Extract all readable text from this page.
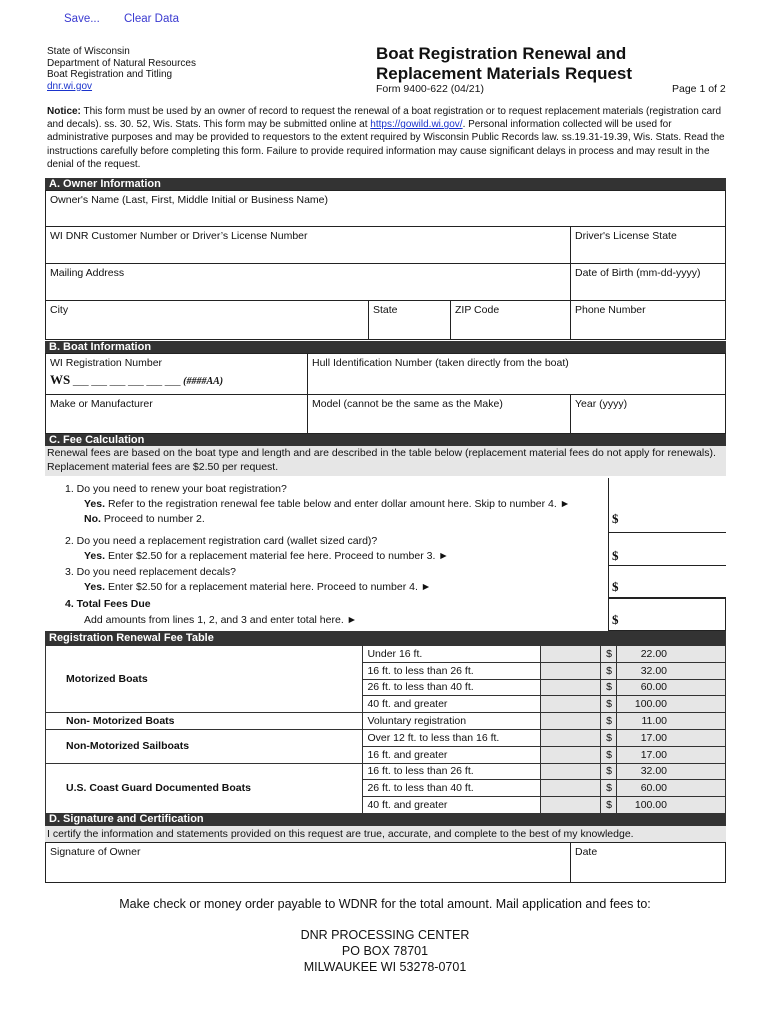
Save... Clear Data
State of Wisconsin
Department of Natural Resources
Boat Registration and Titling
dnr.wi.gov
Boat Registration Renewal and Replacement Materials Request
Form 9400-622 (04/21)	Page 1 of 2
Notice: This form must be used by an owner of record to request the renewal of a boat registration or to request replacement materials (registration card and decals). ss. 30. 52, Wis. Stats. This form may be submitted online at https://gowild.wi.gov/. Personal information collected will be used for administrative purposes and may be provided to requestors to the extent required by Wisconsin Public Records law. ss.19.31-19.39, Wis. Stats. Read the instructions carefully before completing this form. Failure to provide required information may cause significant delays in process and may result in the denial of the request.
A. Owner Information
Owner's Name (Last, First, Middle Initial or Business Name)
WI DNR Customer Number or Driver’s License Number	Driver's License State
Mailing Address	Date of Birth (mm-dd-yyyy)
City	State	ZIP Code	Phone Number
B. Boat Information
WI Registration Number
WS ___ ___ ___ ___ ___ ___ (####AA)
Hull Identification Number (taken directly from the boat)
Make or Manufacturer	Model (cannot be the same as the Make)	Year (yyyy)
C. Fee Calculation
Renewal fees are based on the boat type and length and are described in the table below (replacement material fees do not apply for renewals). Replacement material fees are $2.50 per request.
1. Do you need to renew your boat registration?
Yes. Refer to the registration renewal fee table below and enter dollar amount here. Skip to number 4. ►
No. Proceed to number 2.	$
2. Do you need a replacement registration card (wallet sized card)?
Yes. Enter $2.50 for a replacement material fee here. Proceed to number 3. ►	$
3. Do you need replacement decals?
Yes. Enter $2.50 for a replacement material here. Proceed to number 4. ►	$
4. Total Fees Due
Add amounts from lines 1, 2, and 3 and enter total here. ►	$
Registration Renewal Fee Table
Motorized Boats	Under 16 ft.		$	22.00
	16 ft. to less than 26 ft.		$	32.00
	26 ft. to less than 40 ft.		$	60.00
	40 ft. and greater		$	100.00
Non- Motorized Boats	Voluntary registration		$	11.00
Non-Motorized Sailboats	Over 12 ft. to less than 16 ft.		$	17.00
	16 ft. and greater		$	17.00
U.S. Coast Guard Documented Boats	16 ft. to less than 26 ft.		$	32.00
	26 ft. to less than 40 ft.		$	60.00
	40 ft. and greater		$	100.00
D. Signature and Certification
I certify the information and statements provided on this request are true, accurate, and complete to the best of my knowledge.
Signature of Owner	Date
Make check or money order payable to WDNR for the total amount. Mail application and fees to:
DNR PROCESSING CENTER
PO BOX 78701
MILWAUKEE WI 53278-0701
